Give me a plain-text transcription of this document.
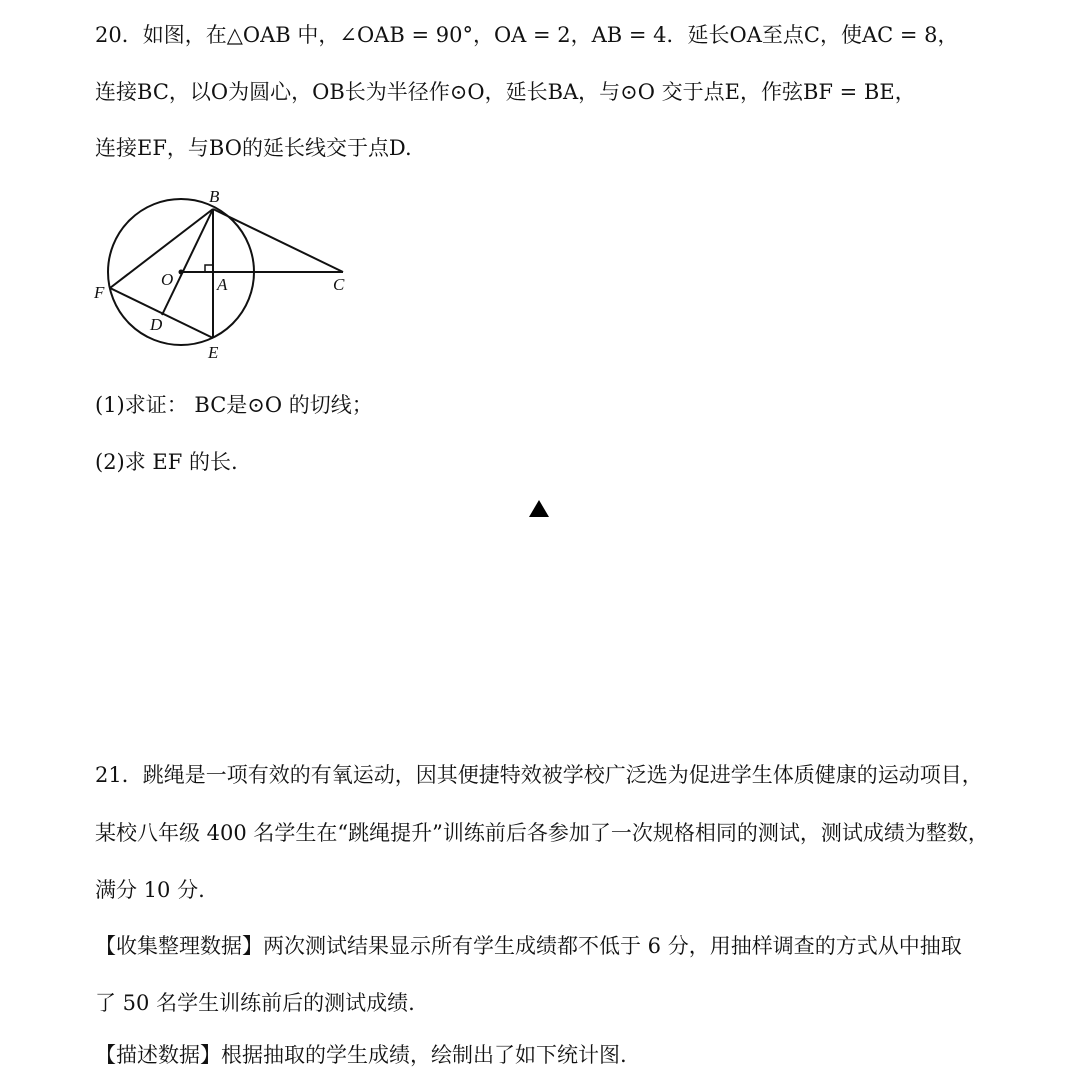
20．如图，在△OAB 中，∠OAB = 90°，OA = 2，AB = 4．延长OA至点C，使AC = 8，
连接BC，以O为圆心，OB长为半径作⊙O，延长BA，与⊙O 交于点E，作弦BF = BE，
连接EF，与BO的延长线交于点D.
B
O	A	C
F
D
E
(1)求证： BC是⊙O 的切线；
(2)求 EF 的长.
21．跳绳是一项有效的有氧运动，因其便捷特效被学校广泛选为促进学生体质健康的运动项目，
某校八年级 400 名学生在“跳绳提升”训练前后各参加了一次规格相同的测试，测试成绩为整数，
满分 10 分.
【收集整理数据】两次测试结果显示所有学生成绩都不低于 6 分，用抽样调查的方式从中抽取
了 50 名学生训练前后的测试成绩.
【描述数据】根据抽取的学生成绩，绘制出了如下统计图.
